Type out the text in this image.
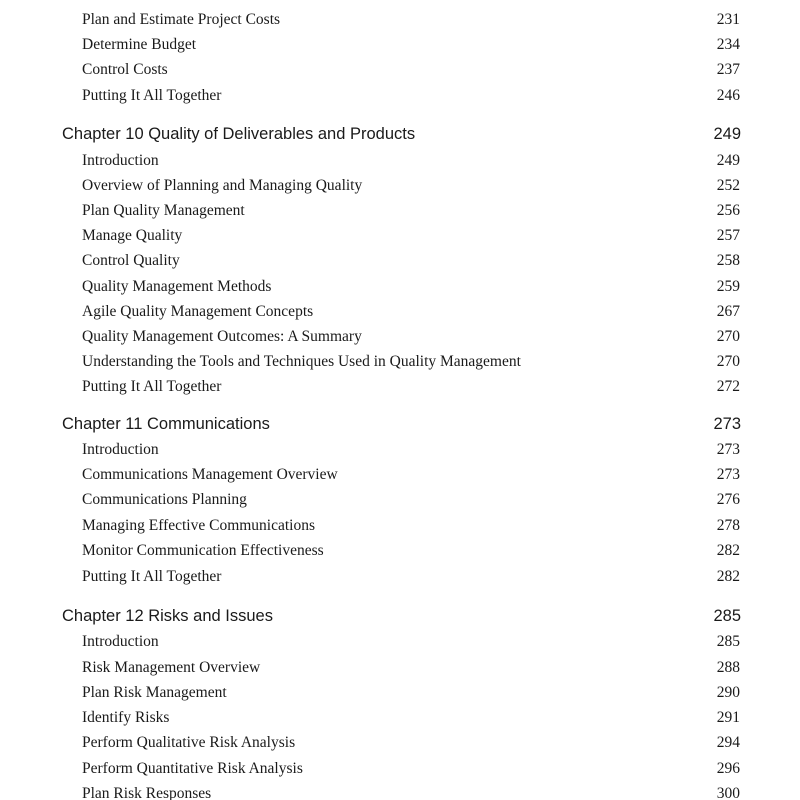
Plan and Estimate Project Costs	231
Determine Budget	234
Control Costs	237
Putting It All Together	246
Chapter 10 Quality of Deliverables and Products	249
Introduction	249
Overview of Planning and Managing Quality	252
Plan Quality Management	256
Manage Quality	257
Control Quality	258
Quality Management Methods	259
Agile Quality Management Concepts	267
Quality Management Outcomes: A Summary	270
Understanding the Tools and Techniques Used in Quality Management	270
Putting It All Together	272
Chapter 11 Communications	273
Introduction	273
Communications Management Overview	273
Communications Planning	276
Managing Effective Communications	278
Monitor Communication Effectiveness	282
Putting It All Together	282
Chapter 12 Risks and Issues	285
Introduction	285
Risk Management Overview	288
Plan Risk Management	290
Identify Risks	291
Perform Qualitative Risk Analysis	294
Perform Quantitative Risk Analysis	296
Plan Risk Responses	300
